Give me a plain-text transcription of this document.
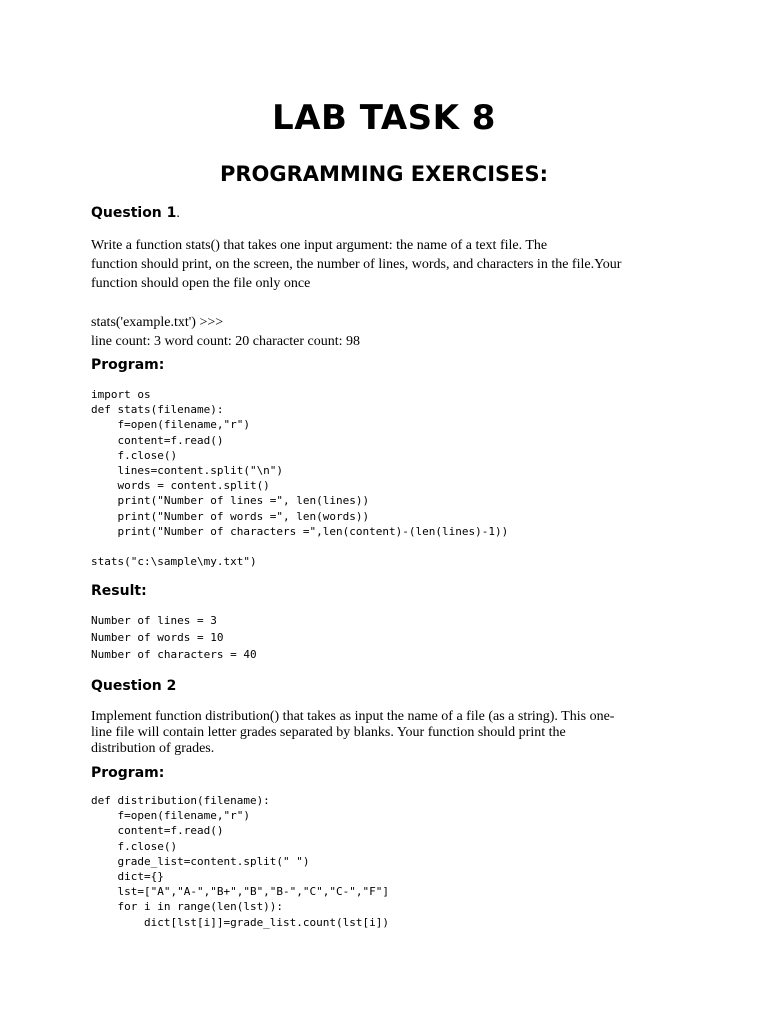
LAB TASK 8
PROGRAMMING EXERCISES:
Question 1.
Write a function stats() that takes one input argument: the name of a text file. The
function should print, on the screen, the number of lines, words, and characters in the file.Your
function should open the file only once
stats('example.txt') >>>
line count: 3 word count: 20 character count: 98
Program:
import os
def stats(filename):
f=open(filename,"r")
content=f.read()
f.close()
lines=content.split("\n")
words = content.split()
print("Number of lines =", len(lines))
print("Number of words =", len(words))
print("Number of characters =",len(content)-(len(lines)-1))
stats("c:\sample\my.txt")
Result:
Number of lines = 3
Number of words = 10
Number of characters = 40
Question 2
Implement function distribution() that takes as input the name of a file (as a string). This one-
line file will contain letter grades separated by blanks. Your function should print the
distribution of grades.
Program:
def distribution(filename):
f=open(filename,"r")
content=f.read()
f.close()
grade_list=content.split(" ")
dict={}
lst=["A","A-","B+","B","B-","C","C-","F"]
for i in range(len(lst)):
dict[lst[i]]=grade_list.count(lst[i])
